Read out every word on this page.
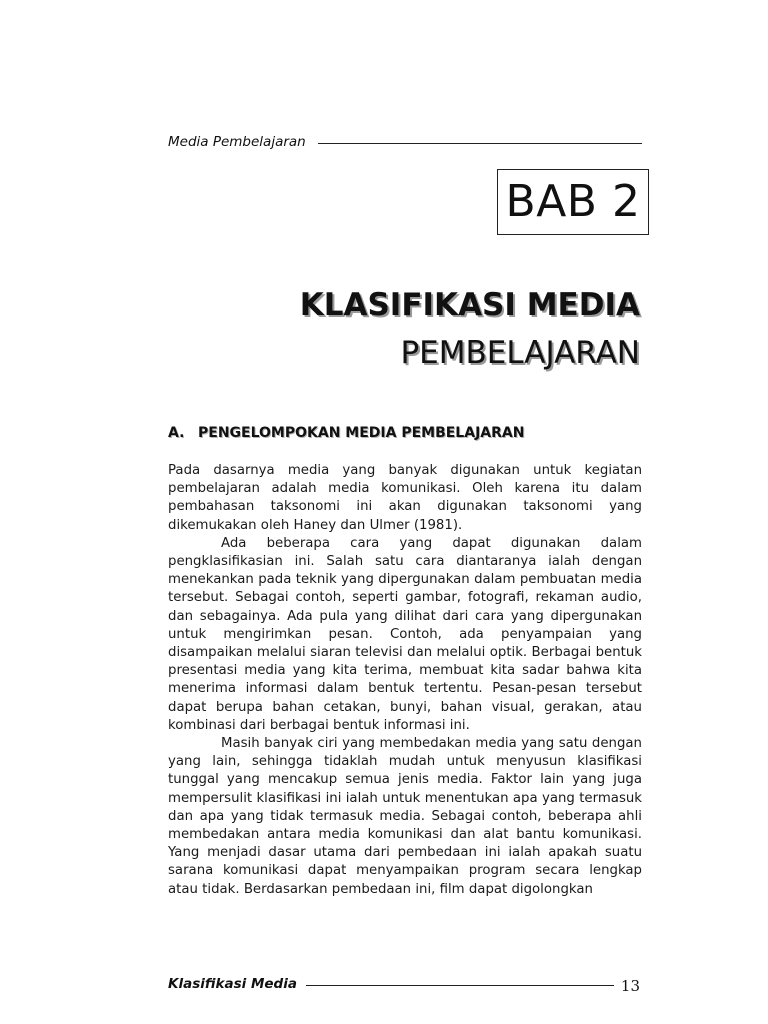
Media Pembelajaran
BAB 2
KLASIFIKASI MEDIA
PEMBELAJARAN
A. PENGELOMPOKAN MEDIA PEMBELAJARAN

Pada dasarnya media yang banyak digunakan untuk kegiatan pembelajaran adalah media komunikasi. Oleh karena itu dalam pembahasan taksonomi ini akan digunakan taksonomi yang dikemukakan oleh Haney dan Ulmer (1981).

Ada beberapa cara yang dapat digunakan dalam pengklasifikasian ini. Salah satu cara diantaranya ialah dengan menekankan pada teknik yang dipergunakan dalam pembuatan media tersebut. Sebagai contoh, seperti gambar, fotografi, rekaman audio, dan sebagainya. Ada pula yang dilihat dari cara yang dipergunakan untuk mengirimkan pesan. Contoh, ada penyampaian yang disampaikan melalui siaran televisi dan melalui optik. Berbagai bentuk presentasi media yang kita terima, membuat kita sadar bahwa kita menerima informasi dalam bentuk tertentu. Pesan-pesan tersebut dapat berupa bahan cetakan, bunyi, bahan visual, gerakan, atau kombinasi dari berbagai bentuk informasi ini.

Masih banyak ciri yang membedakan media yang satu dengan yang lain, sehingga tidaklah mudah untuk menyusun klasifikasi tunggal yang mencakup semua jenis media. Faktor lain yang juga mempersulit klasifikasi ini ialah untuk menentukan apa yang termasuk dan apa yang tidak termasuk media. Sebagai contoh, beberapa ahli membedakan antara media komunikasi dan alat bantu komunikasi. Yang menjadi dasar utama dari pembedaan ini ialah apakah suatu sarana komunikasi dapat menyampaikan program secara lengkap atau tidak. Berdasarkan pembedaan ini, film dapat digolongkan

Klasifikasi Media	13
